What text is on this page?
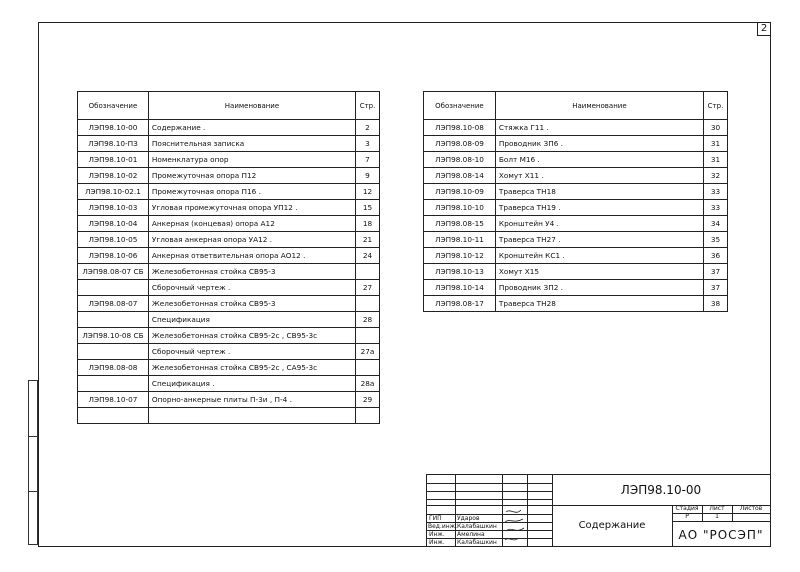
2
Обозначение	Наименование	Стр.
ЛЭП98.10-00	Содержание .	2
ЛЭП98.10-ПЗ	Пояснительная записка	3
ЛЭП98.10-01	Номенклатура опор	7
ЛЭП98.10-02	Промежуточная опора П12	9
ЛЭП98.10-02.1	Промежуточная опора П16 .	12
ЛЭП98.10-03	Угловая промежуточная опора УП12 .	15
ЛЭП98.10-04	Анкерная (концевая) опора А12	18
ЛЭП98.10-05	Угловая анкерная опора УА12 .	21
ЛЭП98.10-06	Анкерная ответвительная опора АО12 .	24
ЛЭП98.08-07 СБ	Железобетонная стойка СВ95-3	
	Сборочный чертеж .	27
ЛЭП98.08-07	Железобетонная стойка СВ95-3	
	Спецификация	28
ЛЭП98.10-08 СБ	Железобетонная стойка СВ95-2с , СВ95-3с	
	Сборочный чертеж .	27а
ЛЭП98.08-08	Железобетонная стойка СВ95-2с , СА95-3с	
	Спецификация .	28а
ЛЭП98.10-07	Опорно-анкерные плиты П-3и , П-4 .	29

Обозначение	Наименование	Стр.
ЛЭП98.10-08	Стяжка Г11 .	30
ЛЭП98.08-09	Проводник ЗП6 .	31
ЛЭП98.08-10	Болт М16 .	31
ЛЭП98.08-14	Хомут Х11 .	32
ЛЭП98.10-09	Траверса ТН18	33
ЛЭП98.10-10	Траверса ТН19 .	33
ЛЭП98.08-15	Кронштейн У4 .	34
ЛЭП98.10-11	Траверса ТН27 .	35
ЛЭП98.10-12	Кронштейн КС1 .	36
ЛЭП98.10-13	Хомут Х15	37
ЛЭП98.10-14	Проводник ЗП2 .	37
ЛЭП98.08-17	Траверса ТН28	38
ЛЭП98.10-00
Содержание
Стадия	Лист	Листов
Р	1
АО "РОСЭП"
ГИП	Ударов
Вед.инж. Калабашкин
Инж. Амелина
Инж. Калабашкин
